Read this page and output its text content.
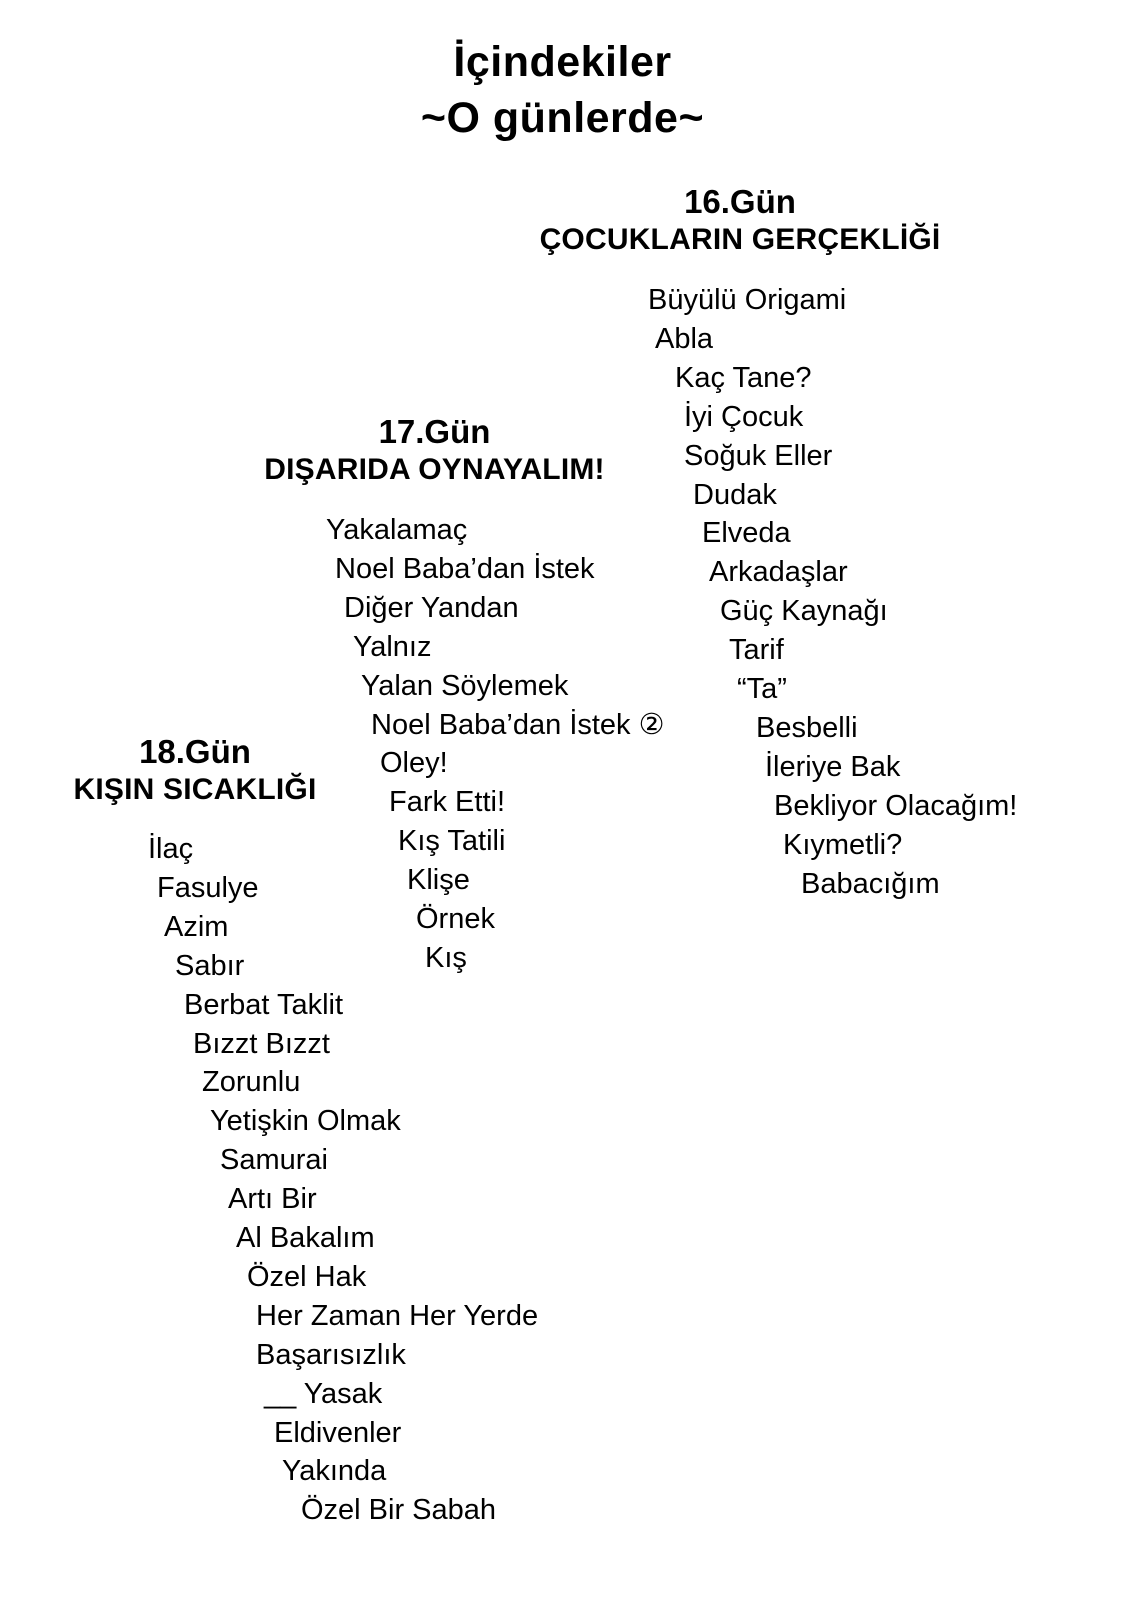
İçindekiler
~O günlerde~
16.Gün
ÇOCUKLARIN GERÇEKLİĞİ
17.Gün
DIŞARIDA OYNAYALIM!
18.Gün
KIŞIN SICAKLIĞI
Büyülü Origami
Abla
Kaç Tane?
İyi Çocuk
Soğuk Eller
Dudak
Elveda
Arkadaşlar
Güç Kaynağı
Tarif
“Ta”
Besbelli
İleriye Bak
Bekliyor Olacağım!
Kıymetli?
Babacığım
Yakalamaç
Noel Baba’dan İstek
Diğer Yandan
Yalnız
Yalan Söylemek
Noel Baba’dan İstek ②
Oley!
Fark Etti!
Kış Tatili
Klişe
Örnek
Kış
İlaç
Fasulye
Azim
Sabır
Berbat Taklit
Bızzt Bızzt
Zorunlu
Yetişkin Olmak
Samurai
Artı Bir
Al Bakalım
Özel Hak
Her Zaman Her Yerde
Başarısızlık
__ Yasak
Eldivenler
Yakında
Özel Bir Sabah
